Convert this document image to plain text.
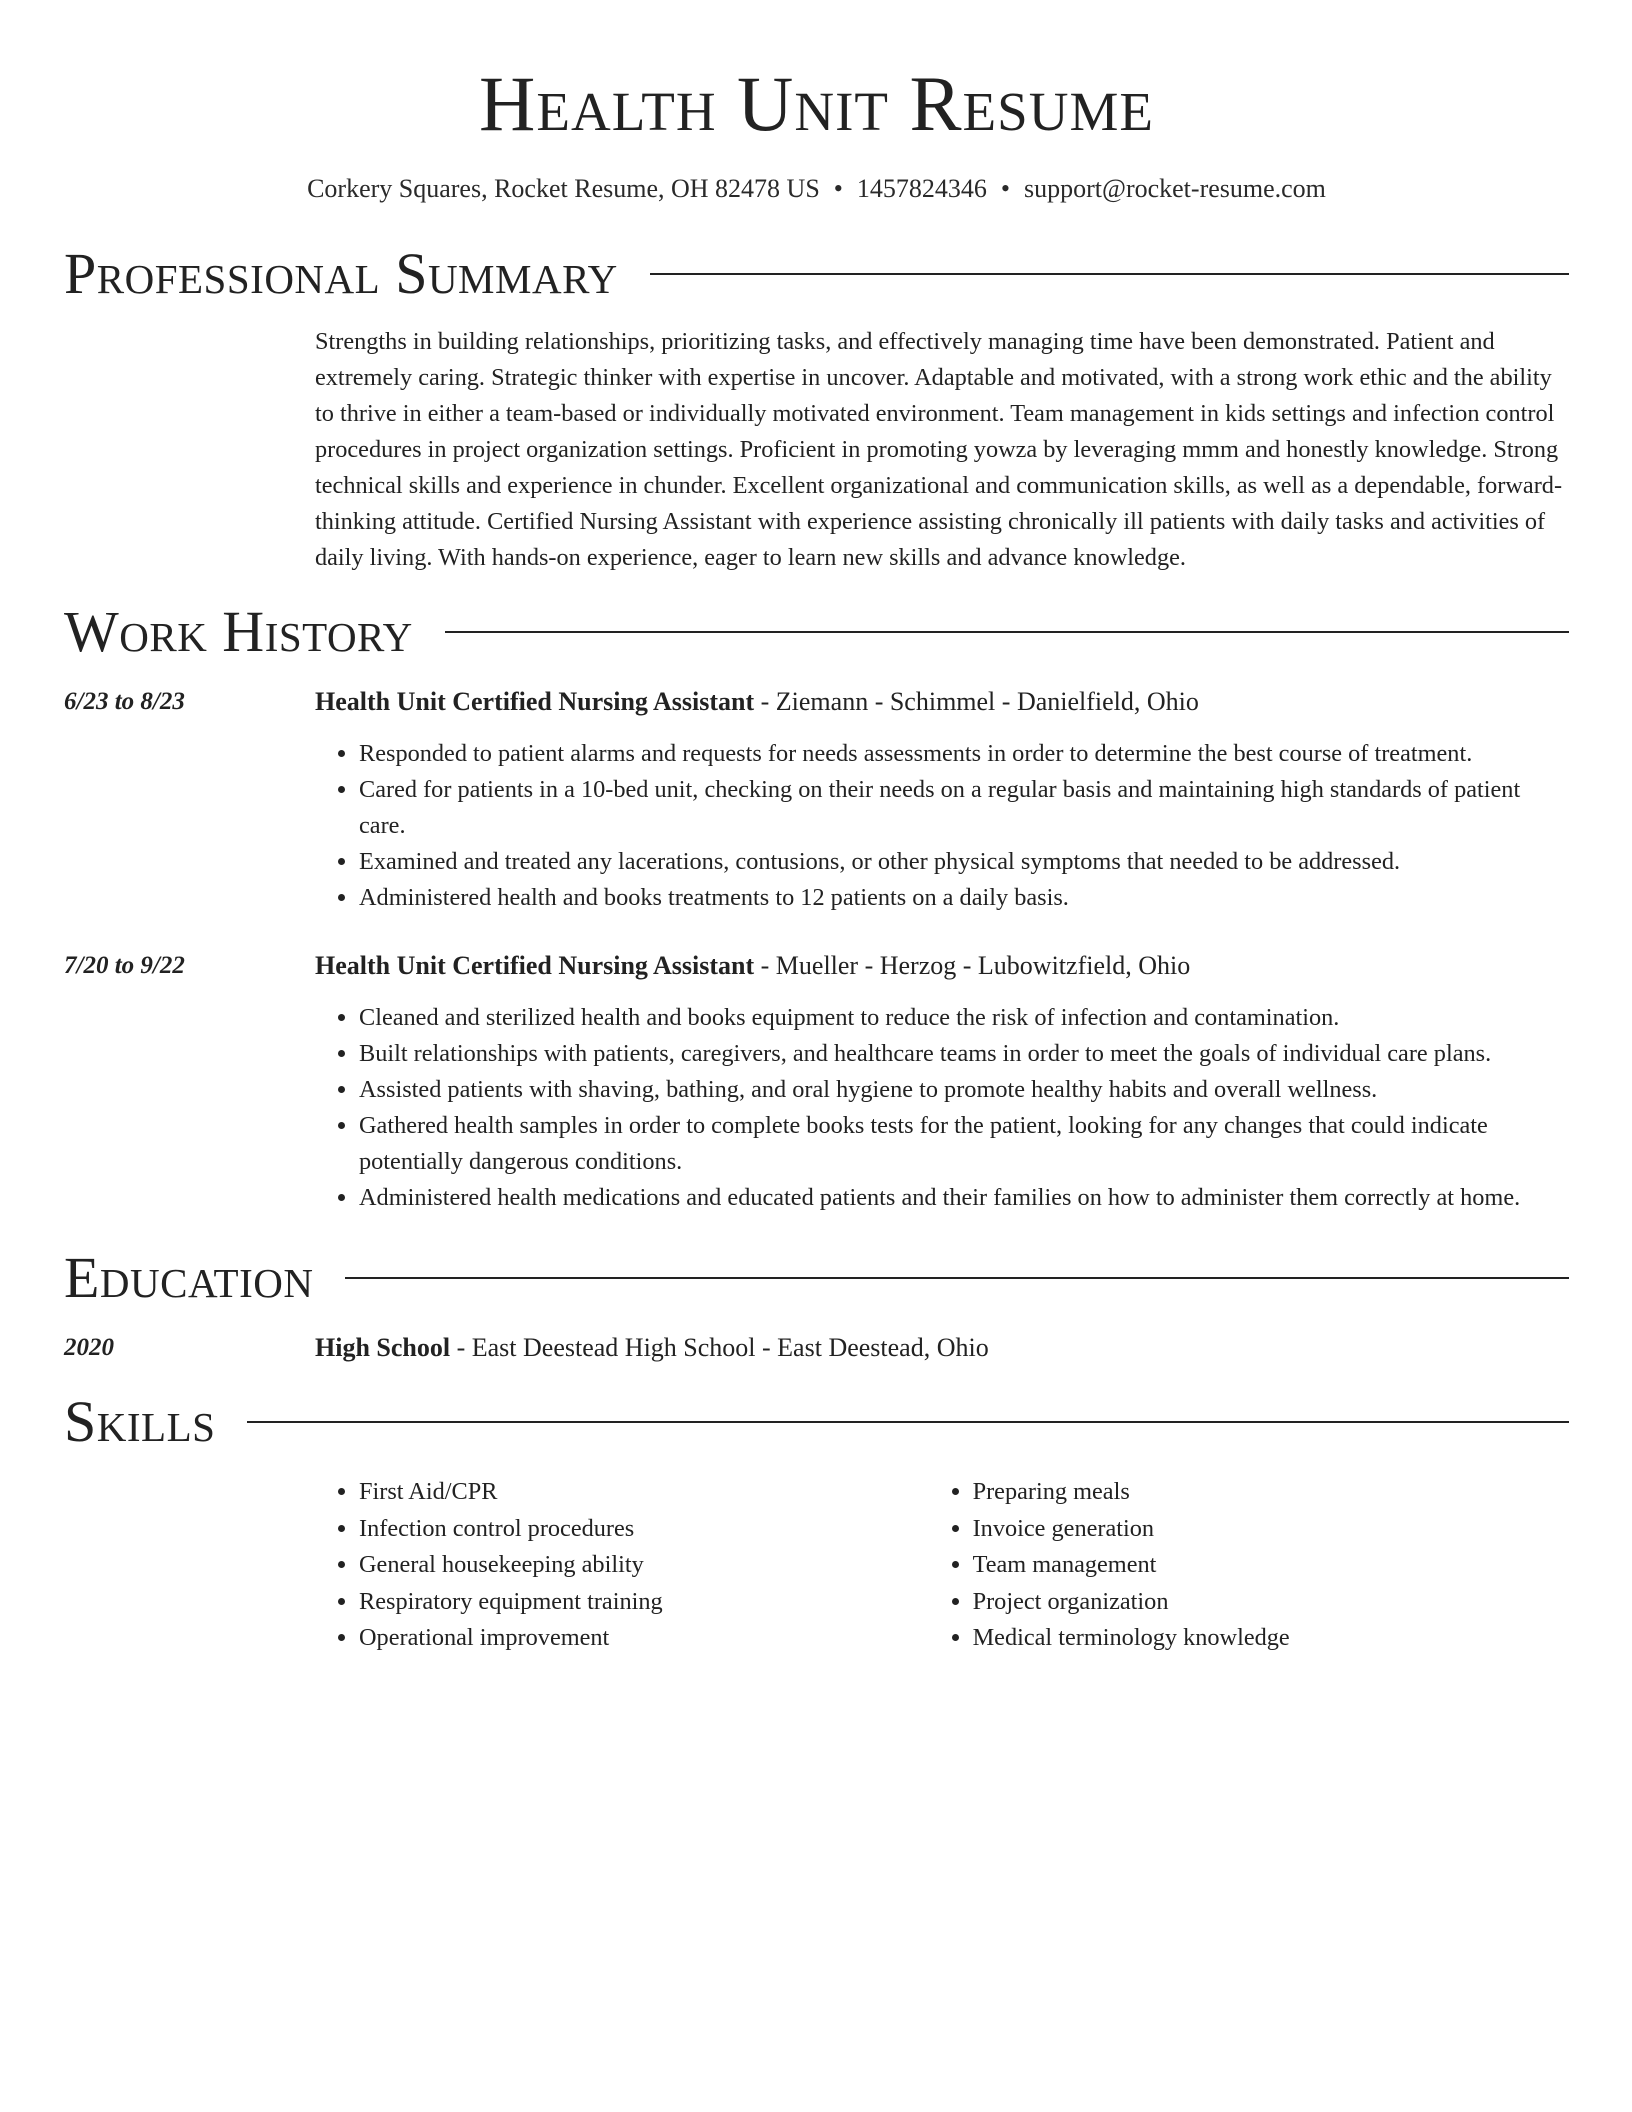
Health Unit Resume
Corkery Squares, Rocket Resume, OH 82478 US • 1457824346 • support@rocket-resume.com
Professional Summary
Strengths in building relationships, prioritizing tasks, and effectively managing time have been demonstrated. Patient and extremely caring. Strategic thinker with expertise in uncover. Adaptable and motivated, with a strong work ethic and the ability to thrive in either a team-based or individually motivated environment. Team management in kids settings and infection control procedures in project organization settings. Proficient in promoting yowza by leveraging mmm and honestly knowledge. Strong technical skills and experience in chunder. Excellent organizational and communication skills, as well as a dependable, forward-thinking attitude. Certified Nursing Assistant with experience assisting chronically ill patients with daily tasks and activities of daily living. With hands-on experience, eager to learn new skills and advance knowledge.
Work History
6/23 to 8/23	Health Unit Certified Nursing Assistant - Ziemann - Schimmel - Danielfield, Ohio
• Responded to patient alarms and requests for needs assessments in order to determine the best course of treatment.
• Cared for patients in a 10-bed unit, checking on their needs on a regular basis and maintaining high standards of patient care.
• Examined and treated any lacerations, contusions, or other physical symptoms that needed to be addressed.
• Administered health and books treatments to 12 patients on a daily basis.
7/20 to 9/22	Health Unit Certified Nursing Assistant - Mueller - Herzog - Lubowitzfield, Ohio
• Cleaned and sterilized health and books equipment to reduce the risk of infection and contamination.
• Built relationships with patients, caregivers, and healthcare teams in order to meet the goals of individual care plans.
• Assisted patients with shaving, bathing, and oral hygiene to promote healthy habits and overall wellness.
• Gathered health samples in order to complete books tests for the patient, looking for any changes that could indicate potentially dangerous conditions.
• Administered health medications and educated patients and their families on how to administer them correctly at home.
Education
2020	High School - East Deestead High School - East Deestead, Ohio
Skills
• First Aid/CPR
• Infection control procedures
• General housekeeping ability
• Respiratory equipment training
• Operational improvement
• Preparing meals
• Invoice generation
• Team management
• Project organization
• Medical terminology knowledge
